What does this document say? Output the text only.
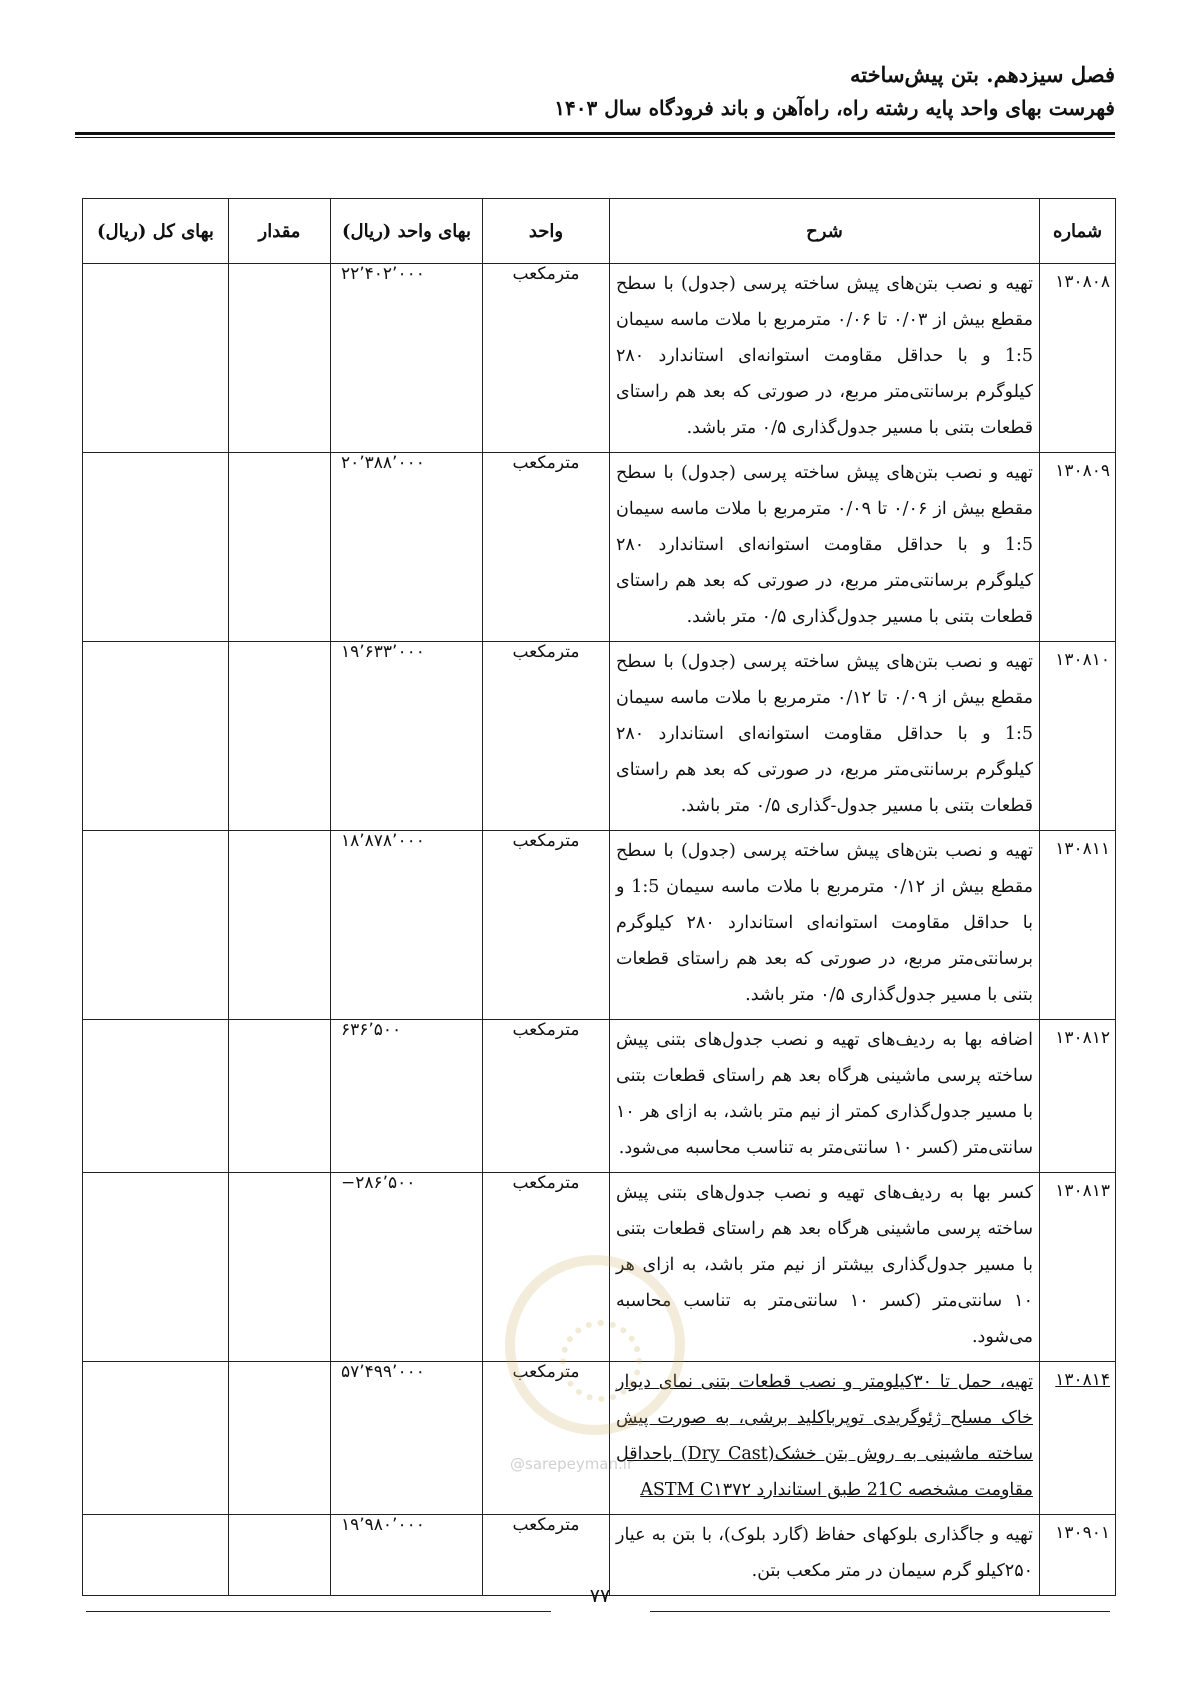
فصل سیزدهم. بتن پیش‌ساخته
فهرست بهای واحد پایه رشته راه، راه‌آهن و باند فرودگاه سال ۱۴۰۳
شماره	شرح	واحد	بهای واحد (ریال)	مقدار	بهای کل (ریال)
۱۳۰۸۰۸	تهیه و نصب بتن‌های پیش ساخته پرسی (جدول) با سطح مقطع بیش از ۰/۰۳ تا ۰/۰۶ مترمربع با ملات ماسه سیمان 1:5 و با حداقل مقاومت استوانه‌ای استاندارد ۲۸۰ کیلوگرم برسانتی‌متر مربع، در صورتی که بعد هم راستای قطعات بتنی با مسیر جدول‌گذاری ۰/۵ متر باشد.	مترمکعب	۲۲٬۴۰۲٬۰۰۰		
۱۳۰۸۰۹	تهیه و نصب بتن‌های پیش ساخته پرسی (جدول) با سطح مقطع بیش از ۰/۰۶ تا ۰/۰۹ مترمربع با ملات ماسه سیمان 1:5 و با حداقل مقاومت استوانه‌ای استاندارد ۲۸۰ کیلوگرم برسانتی‌متر مربع، در صورتی که بعد هم راستای قطعات بتنی با مسیر جدول‌گذاری ۰/۵ متر باشد.	مترمکعب	۲۰٬۳۸۸٬۰۰۰		
۱۳۰۸۱۰	تهیه و نصب بتن‌های پیش ساخته پرسی (جدول) با سطح مقطع بیش از ۰/۰۹ تا ۰/۱۲ مترمربع با ملات ماسه سیمان 1:5 و با حداقل مقاومت استوانه‌ای استاندارد ۲۸۰ کیلوگرم برسانتی‌متر مربع، در صورتی که بعد هم راستای قطعات بتنی با مسیر جدول-گذاری ۰/۵ متر باشد.	مترمکعب	۱۹٬۶۳۳٬۰۰۰		
۱۳۰۸۱۱	تهیه و نصب بتن‌های پیش ساخته پرسی (جدول) با سطح مقطع بیش از ۰/۱۲ مترمربع با ملات ماسه سیمان 1:5 و با حداقل مقاومت استوانه‌ای استاندارد ۲۸۰ کیلوگرم برسانتی‌متر مربع، در صورتی که بعد هم راستای قطعات بتنی با مسیر جدول‌گذاری ۰/۵ متر باشد.	مترمکعب	۱۸٬۸۷۸٬۰۰۰		
۱۳۰۸۱۲	اضافه بها به ردیف‌های تهیه و نصب جدول‌های بتنی پیش ساخته پرسی ماشینی هرگاه بعد هم راستای قطعات بتنی با مسیر جدول‌گذاری کمتر از نیم متر باشد، به ازای هر ۱۰ سانتی‌متر (کسر ۱۰ سانتی‌متر به تناسب محاسبه می‌شود.	مترمکعب	۶۳۶٬۵۰۰		
۱۳۰۸۱۳	کسر بها به ردیف‌های تهیه و نصب جدول‌های بتنی پیش ساخته پرسی ماشینی هرگاه بعد هم راستای قطعات بتنی با مسیر جدول‌گذاری بیشتر از نیم متر باشد، به ازای هر ۱۰ سانتی‌متر (کسر ۱۰ سانتی‌متر به تناسب محاسبه می‌شود.	مترمکعب	−۲۸۶٬۵۰۰		
۱۳۰۸۱۴	تهیه، حمل تا ۳۰کیلومتر و نصب قطعات بتنی نمای دیوار خاک مسلح ژئوگریدی توپرباکلید برشی، به صورت پیش ساخته ماشینی به روش بتن خشک(Dry Cast) باحداقل مقاومت مشخصه 21C طبق استاندارد ASTM C۱۳۷۲	مترمکعب	۵۷٬۴۹۹٬۰۰۰		
۱۳۰۹۰۱	تهیه و جاگذاری بلوکهای حفاظ (گارد بلوک)، با بتن به عیار ۲۵۰کیلو گرم سیمان در متر مکعب بتن.	مترمکعب	۱۹٬۹۸۰٬۰۰۰		
@sarepeyman.ir
۷۷
